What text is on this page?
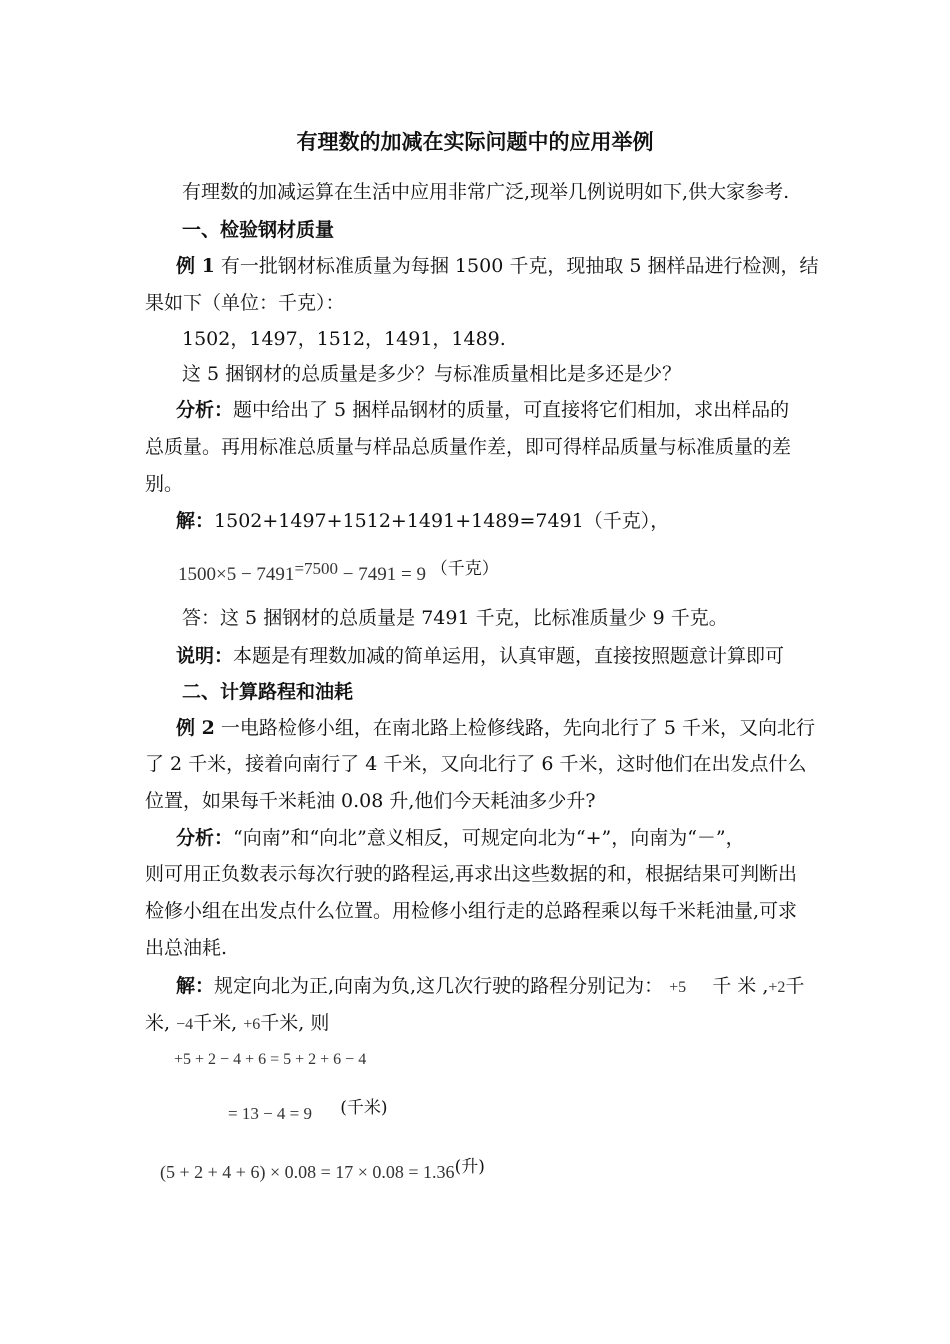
有理数的加减在实际问题中的应用举例
有理数的加减运算在生活中应用非常广泛,现举几例说明如下,供大家参考.
一、检验钢材质量
例 1 有一批钢材标准质量为每捆 1500 千克，现抽取 5 捆样品进行检测，结
果如下（单位：千克）：
1502，1497，1512，1491，1489.
这 5 捆钢材的总质量是多少？与标准质量相比是多还是少？
分析：题中给出了 5 捆样品钢材的质量，可直接将它们相加，求出样品的
总质量。再用标准总质量与样品总质量作差，即可得样品质量与标准质量的差
别。
解：1502+1497+1512+1491+1489=7491（千克），
1500×5 − 7491=7500 − 7491 = 9 （千克）
答：这 5 捆钢材的总质量是 7491 千克，比标准质量少 9 千克。
说明：本题是有理数加减的简单运用，认真审题，直接按照题意计算即可
二、计算路程和油耗
例 2 一电路检修小组，在南北路上检修线路，先向北行了 5 千米，又向北行
了 2 千米，接着向南行了 4 千米，又向北行了 6 千米，这时他们在出发点什么
位置，如果每千米耗油 0.08 升,他们今天耗油多少升?
分析：“向南”和“向北”意义相反，可规定向北为“+”，向南为“－”，
则可用正负数表示每次行驶的路程运,再求出这些数据的和，根据结果可判断出
检修小组在出发点什么位置。用检修小组行走的总路程乘以每千米耗油量,可求
出总油耗.
解：规定向北为正,向南为负,这几次行驶的路程分别记为： +5 千 米 ,+2千
米, −4千米, +6千米, 则
+5 + 2 − 4 + 6 = 5 + 2 + 6 − 4
= 13 − 4 = 9 (千米)
(5 + 2 + 4 + 6) × 0.08 = 17 × 0.08 = 1.36(升)
